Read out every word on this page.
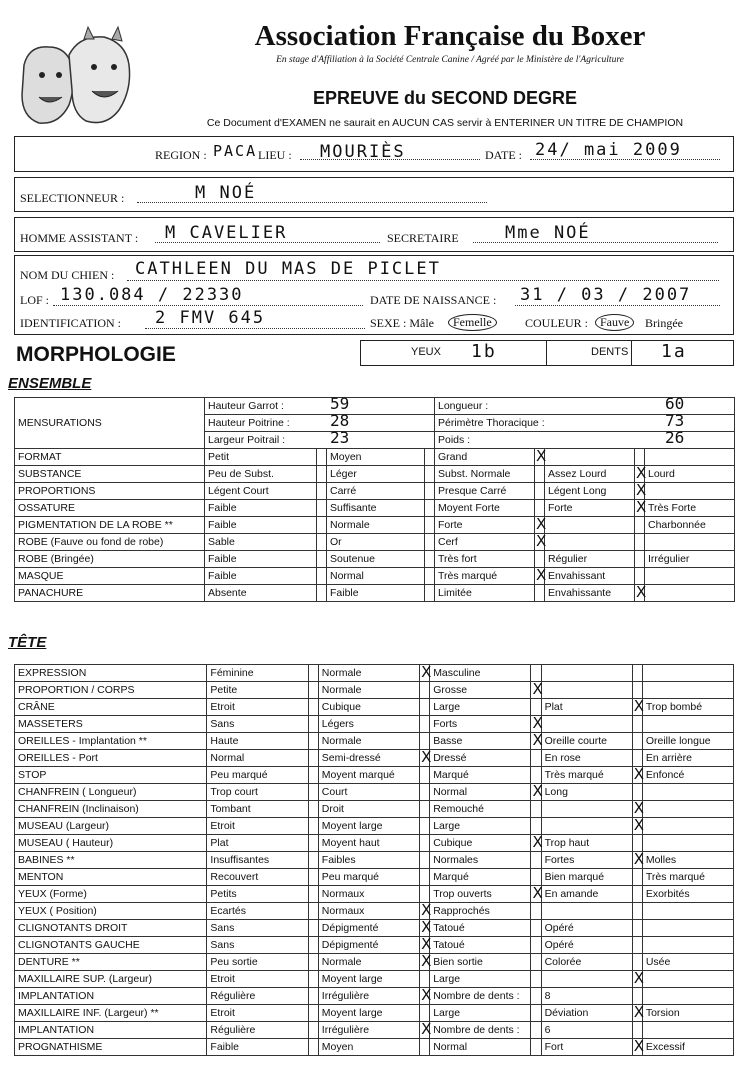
Association Française du Boxer
En stage d'Affiliation à la Société Centrale Canine / Agréé par le Ministère de l'Agriculture
EPREUVE du SECOND DEGRE
Ce Document d'EXAMEN ne saurait en AUCUN CAS servir à ENTERINER UN TITRE DE CHAMPION
REGION : PACA LIEU : MOURIÈS	DATE : 24/ mai 2009
SELECTIONNEUR :	M NOÉ
HOMME ASSISTANT : M CAVELIER	SECRETAIRE	Mme NOÉ
NOM DU CHIEN : CATHLEEN DU MAS DE PICLET
LOF : 130.084 / 22330	DATE DE NAISSANCE : 31 / 03 / 2007
IDENTIFICATION : 2 FMV 645	SEXE : Mâle	Femelle	COULEUR :	Fauve	Bringée
MORPHOLOGIE	YEUX 1b	DENTS 1a
ENSEMBLE
MENSURATIONS	Hauteur Garrot : 59				Longueur : 60				

	Hauteur Poitrine : 28				Périmètre Thoracique : 73				

	Largeur Poitrail : 23				Poids : 26				

FORMAT	Petit		Moyen		Grand	X			

SUBSTANCE	Peu de Subst.		Léger		Subst. Normale		Assez Lourd	X	Lourd
PROPORTIONS	Légent Court		Carré		Presque Carré		Légent Long	X	

OSSATURE	Faible		Suffisante		Moyent Forte		Forte	X	Très Forte
PIGMENTATION DE LA ROBE **	Faible		Normale		Forte	X			Charbonnée
ROBE (Fauve ou fond de robe)	Sable		Or		Cerf	X			

ROBE (Bringée)	Faible		Soutenue		Très fort		Régulier		Irrégulier
MASQUE	Faible		Normal		Très marqué	X	Envahissant		
PANACHURE	Absente		Faible		Limitée		Envahissante	X	

TÊTE
EXPRESSION	Féminine		Normale	X	Masculine				
PROPORTION / CORPS	Petite		Normale		Grosse	X			

CRÂNE	Etroit		Cubique		Large		Plat	X	Trop bombé
MASSETERS	Sans		Légers		Forts	X			

OREILLES - Implantation **	Haute		Normale		Basse	X	Oreille courte		Oreille longue
OREILLES - Port	Normal		Semi-dressé	X	Dressé		En rose		En arrière
STOP	Peu marqué		Moyent marqué		Marqué		Très marqué	X	Enfoncé
CHANFREIN ( Longueur)	Trop court		Court		Normal	X	Long		
CHANFREIN (Inclinaison)	Tombant		Droit		Remouché			X	

MUSEAU (Largeur)	Etroit		Moyent large		Large			X	

MUSEAU ( Hauteur)	Plat		Moyent haut		Cubique	X	Trop haut		
BABINES **	Insuffisantes		Faibles		Normales		Fortes	X	Molles
MENTON	Recouvert		Peu marqué		Marqué		Bien marqué		Très marqué
YEUX (Forme)	Petits		Normaux		Trop ouverts	X	En amande		Exorbités
YEUX ( Position)	Ecartés		Normaux	X	Rapprochés				
CLIGNOTANTS DROIT	Sans		Dépigmenté	X	Tatoué		Opéré		
CLIGNOTANTS GAUCHE	Sans		Dépigmenté	X	Tatoué		Opéré		
DENTURE **	Peu sortie		Normale	X	Bien sortie		Colorée		Usée
MAXILLAIRE SUP. (Largeur)	Etroit		Moyent large		Large			X	

IMPLANTATION	Régulière		Irrégulière	X	Nombre de dents :		8		
MAXILLAIRE INF. (Largeur) **	Etroit		Moyent large		Large		Déviation	X	Torsion
IMPLANTATION	Régulière		Irrégulière	X	Nombre de dents :		6		
PROGNATHISME	Faible		Moyen		Normal		Fort	X	Excessif
